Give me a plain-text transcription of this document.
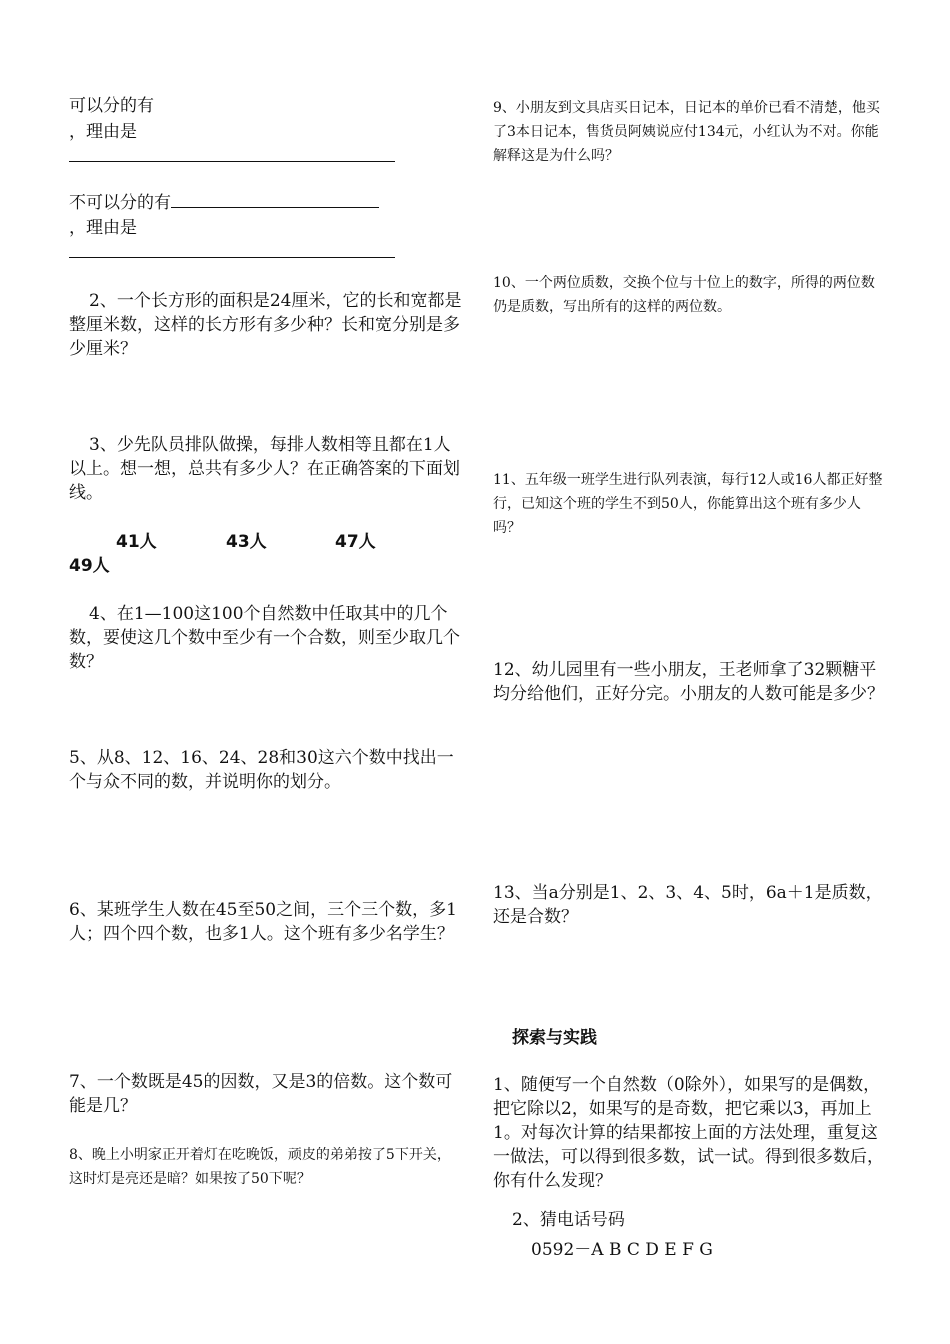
可以分的有
，理由是
不可以分的有
，理由是

2、一个长方形的面积是24厘米，它的长和宽都是整厘米数，这样的长方形有多少种？长和宽分别是多少厘米？

3、少先队员排队做操，每排人数相等且都在1人以上。想一想，总共有多少人？在正确答案的下面划线。

41人	43人	47人
49人

4、在1—100这100个自然数中任取其中的几个数，要使这几个数中至少有一个合数，则至少取几个数？

5、从8、12、16、24、28和30这六个数中找出一个与众不同的数，并说明你的划分。

6、某班学生人数在45至50之间，三个三个数，多1人；四个四个数，也多1人。这个班有多少名学生？

7、一个数既是45的因数，又是3的倍数。这个数可能是几？

8、晚上小明家正开着灯在吃晚饭，顽皮的弟弟按了5下开关，这时灯是亮还是暗？如果按了50下呢？

9、小朋友到文具店买日记本，日记本的单价已看不清楚，他买了3本日记本，售货员阿姨说应付134元，小红认为不对。你能解释这是为什么吗？

10、一个两位质数，交换个位与十位上的数字，所得的两位数仍是质数，写出所有的这样的两位数。

11、五年级一班学生进行队列表演，每行12人或16人都正好整行，已知这个班的学生不到50人，你能算出这个班有多少人吗？

12、幼儿园里有一些小朋友，王老师拿了32颗糖平均分给他们，正好分完。小朋友的人数可能是多少？

13、当a分别是1、2、3、4、5时，6a＋1是质数，还是合数？

探索与实践

1、随便写一个自然数（0除外），如果写的是偶数，把它除以2，如果写的是奇数，把它乘以3，再加上1。对每次计算的结果都按上面的方法处理，重复这一做法，可以得到很多数，试一试。得到很多数后，你有什么发现？

2、猜电话号码
0592－A B C D E F G
